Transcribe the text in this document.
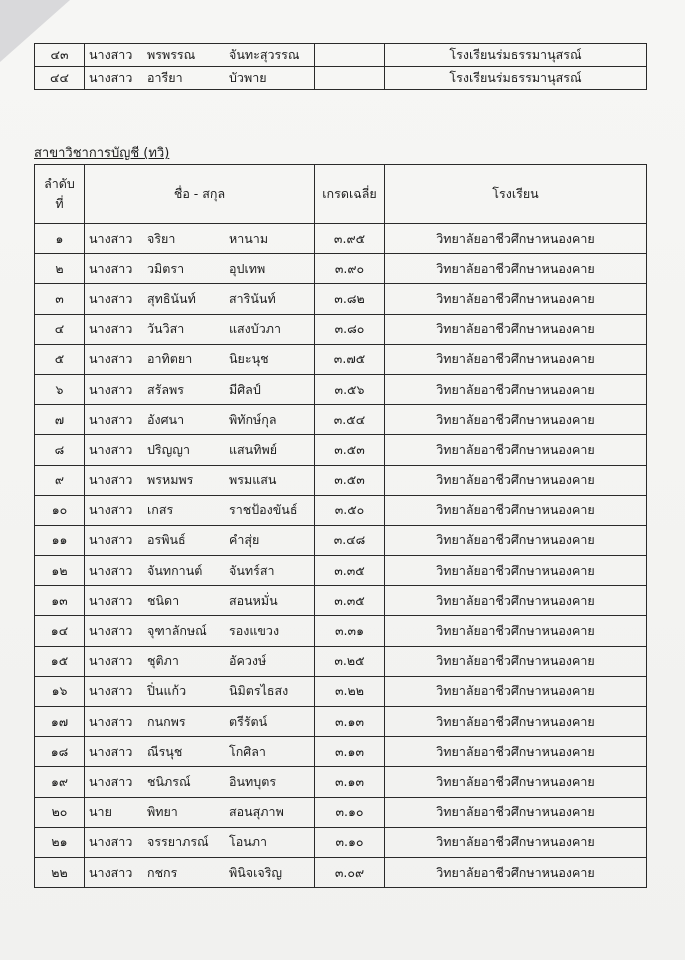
๔๓	นางสาว พรพรรณ จันทะสุวรรณ		โรงเรียนร่มธรรมานุสรณ์
๔๔	นางสาว อารียา บัวพาย		โรงเรียนร่มธรรมานุสรณ์
สาขาวิชาการบัญชี (ทวิ)
ลำดับ
ที่	ชื่อ - สกุล	เกรดเฉลี่ย	โรงเรียน
๑	นางสาว จริยา หานาม	๓.๙๕	วิทยาลัยอาชีวศึกษาหนองคาย
๒	นางสาว วมิตรา อุปเทพ	๓.๙๐	วิทยาลัยอาชีวศึกษาหนองคาย
๓	นางสาว สุทธินันท์ สารินันท์	๓.๘๒	วิทยาลัยอาชีวศึกษาหนองคาย
๔	นางสาว วันวิสา แสงบัวภา	๓.๘๐	วิทยาลัยอาชีวศึกษาหนองคาย
๕	นางสาว อาทิตยา นิยะนุช	๓.๗๕	วิทยาลัยอาชีวศึกษาหนองคาย
๖	นางสาว สรัลพร มีศิลป์	๓.๕๖	วิทยาลัยอาชีวศึกษาหนองคาย
๗	นางสาว อังศนา พิทักษ์กุล	๓.๕๔	วิทยาลัยอาชีวศึกษาหนองคาย
๘	นางสาว ปริญญา แสนทิพย์	๓.๕๓	วิทยาลัยอาชีวศึกษาหนองคาย
๙	นางสาว พรหมพร พรมแสน	๓.๕๓	วิทยาลัยอาชีวศึกษาหนองคาย
๑๐	นางสาว เกสร ราชป้องขันธ์	๓.๕๐	วิทยาลัยอาชีวศึกษาหนองคาย
๑๑	นางสาว อรพินธ์ คำสุ่ย	๓.๔๘	วิทยาลัยอาชีวศึกษาหนองคาย
๑๒	นางสาว จันทกานต์ จันทร์สา	๓.๓๕	วิทยาลัยอาชีวศึกษาหนองคาย
๑๓	นางสาว ชนิดา สอนหมั่น	๓.๓๕	วิทยาลัยอาชีวศึกษาหนองคาย
๑๔	นางสาว จุฑาลักษณ์ รองแขวง	๓.๓๑	วิทยาลัยอาชีวศึกษาหนองคาย
๑๕	นางสาว ชุติภา อัควงษ์	๓.๒๕	วิทยาลัยอาชีวศึกษาหนองคาย
๑๖	นางสาว ปิ่นแก้ว นิมิตรไธสง	๓.๒๒	วิทยาลัยอาชีวศึกษาหนองคาย
๑๗	นางสาว กนกพร ตรีรัตน์	๓.๑๓	วิทยาลัยอาชีวศึกษาหนองคาย
๑๘	นางสาว ณีรนุช โกศิลา	๓.๑๓	วิทยาลัยอาชีวศึกษาหนองคาย
๑๙	นางสาว ชนิภรณ์ อินทบุตร	๓.๑๓	วิทยาลัยอาชีวศึกษาหนองคาย
๒๐	นาย พิทยา สอนสุภาพ	๓.๑๐	วิทยาลัยอาชีวศึกษาหนองคาย
๒๑	นางสาว จรรยาภรณ์ โอนภา	๓.๑๐	วิทยาลัยอาชีวศึกษาหนองคาย
๒๒	นางสาว กชกร พินิจเจริญ	๓.๐๙	วิทยาลัยอาชีวศึกษาหนองคาย
